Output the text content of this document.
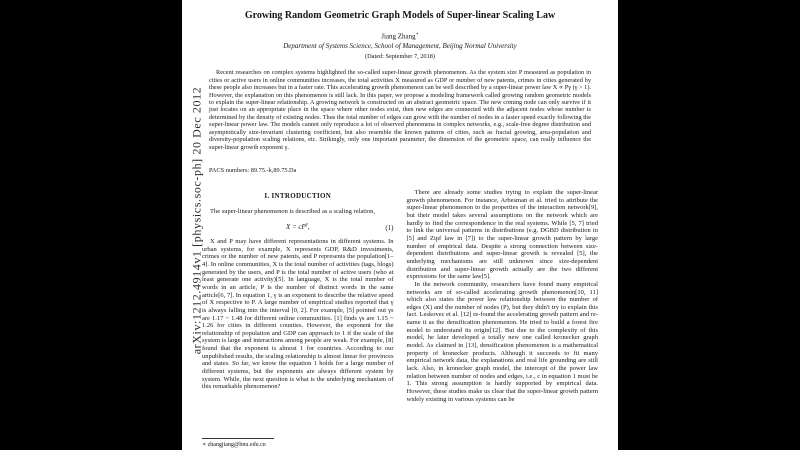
arXiv:1212.4914v1 [physics.soc-ph] 20 Dec 2012
Growing Random Geometric Graph Models of Super-linear Scaling Law
Jiang Zhang∗
Department of Systems Science, School of Management, Beijing Normal University
(Dated: September 7, 2018)
Recent researches on complex systems highlighted the so-called super-linear growth phenomenon. As the system size P measured as population in cities or active users in online communities increases, the total activities X measured as GDP or number of new patents, crimes in cities generated by these people also increases but in a faster rate. This accelerating growth phenomenon can be well described by a super-linear power law X ∝ Pγ (γ > 1). However, the explanation on this phenomenon is still lack. In this paper, we propose a modeling framework called growing random geometric models to explain the super-linear relationship. A growing network is constructed on an abstract geometric space. The new coming node can only survive if it just locates on an appropriate place in the space where other nodes exist, then new edges are connected with the adjacent nodes whose number is determined by the density of existing nodes. Thus the total number of edges can grow with the number of nodes in a faster speed exactly following the super-linear power law. The models cannot only reproduce a lot of observed phenomena in complex networks, e.g., scale-free degree distribution and asymptotically size-invariant clustering coefficient, but also resemble the known patterns of cities, such as fractal growing, area-population and diversity-population scaling relations, etc. Strikingly, only one important parameter, the dimension of the geometric space, can really influence the super-linear growth exponent γ.
PACS numbers: 89.75.-k,89.75.Da
I. INTRODUCTION

The super-linear phenomenon is described as a scaling relation,

$X = cP^\gamma$,	(1)

X and P may have different representations in different systems. In urban systems, for example, X represents GDP, R&D investments, crimes or the number of new patents, and P represents the population[1–4]. In online communities, X is the total number of activities (tags, blogs) generated by the users, and P is the total number of active users (who at least generate one activity)[5]. In language, X is the total number of words in an article, P is the number of distinct words in the same article[6, 7]. In equation 1, γ is an exponent to describe the relative speed of X respective to P. A large number of empirical studies reported that γ is always falling into the interval [0, 2]. For example, [5] pointed out γs are 1.17 ~ 1.48 for different online communities. [1] finds γs are 1.15 ~ 1.26 for cities in different counties. However, the exponent for the relationship of population and GDP can approach to 1 if the scale of the system is large and interactions among people are weak. For example, [8] found that the exponent is almost 1 for countries. According to our unpublished results, the scaling relationship is almost linear for provinces and states. So far, we know the equation 1 holds for a large number of different systems, but the exponents are always different system by system. While, the next question is what is the underlying mechanism of this remarkable phenomenon?

There are already some studies trying to explain the super-linear growth phenomenon. For instance, Arbesman et al. tried to attribute the super-linear phenomenon to the properties of the interaction network[9], but their model takes several assumptions on the network which are hardly to find the correspondence in the real systems. While [5, 7] tried to link the universal patterns in distributions (e.g. DGBD distribution in [5] and Zipf law in [7]) to the super-linear growth pattern by large number of empirical data. Despite a strong connection between size-dependent distributions and super-linear growth is revealed [5], the underlying mechanisms are still unknown since size-dependent distribution and super-linear growth actually are the two different expressions for the same law[5].

In the network community, researchers have found many empirical networks are of so-called accelerating growth phenomenon[10, 11] which also states the power law relationship between the number of edges (X) and the number of nodes (P), but they didn't try to explain this fact. Leskovec et al. [12] re-found the accelerating growth pattern and re-name it as the densification phenomenon. He tried to build a forest fire model to understand its origin[12]. But due to the complexity of this model, he later developed a totally new one called kronecker graph model. As claimed in [13], densification phenomenon is a mathematical property of kronecker products. Although it succeeds to fit many empirical network data, the explanations and real life grounding are still lack. Also, in kronecker graph model, the intercept of the power law relation between number of nodes and edges, i.e., c in equation 1 must be 1. This strong assumption is hardly supported by empirical data. However, these studies make us clear that the super-linear growth pattern widely existing in various systems can be

∗ zhangjiang@bnu.edu.cn
